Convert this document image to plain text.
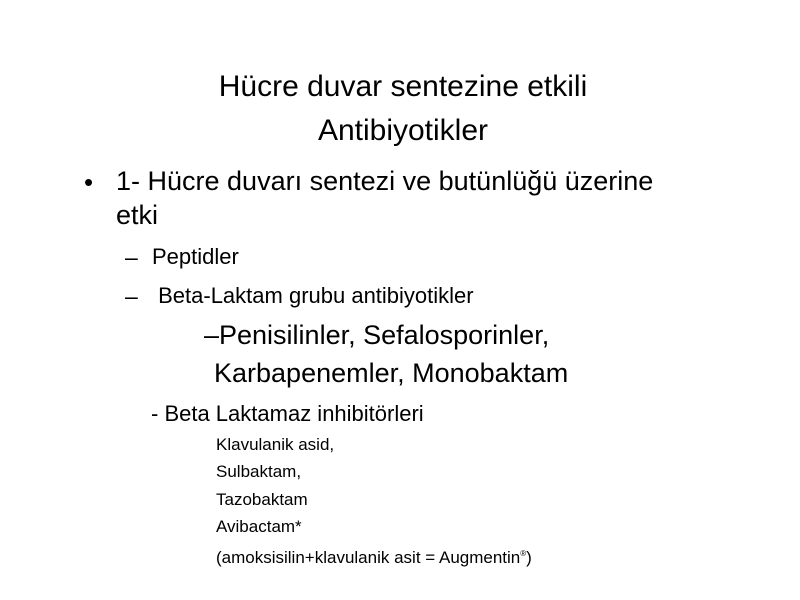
Hücre duvar sentezine etkili
Antibiyotikler
• 1- Hücre duvarı sentezi ve butünlüğü üzerine
etki
– Peptidler
– Beta-Laktam grubu antibiyotikler
–Penisilinler, Sefalosporinler,
Karbapenemler, Monobaktam
- Beta Laktamaz inhibitörleri
Klavulanik asid,
Sulbaktam,
Tazobaktam
Avibactam*
(amoksisilin+klavulanik asit = Augmentin®)
